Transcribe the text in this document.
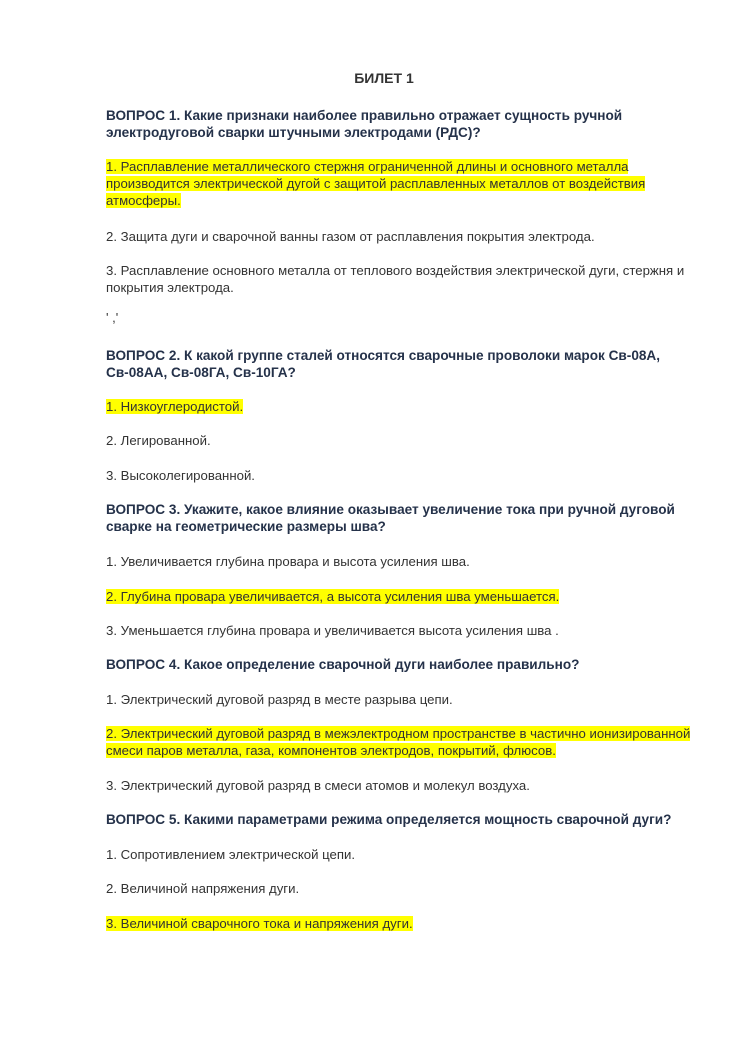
БИЛЕТ 1
ВОПРОС 1. Какие признаки наиболее правильно отражает сущность ручной электродуговой сварки штучными электродами (РДС)?
1. Расплавление металлического стержня ограниченной длины и основного металла производится электрической дугой с защитой расплавленных металлов от воздействия атмосферы.
2. Защита дуги и сварочной ванны газом от расплавления покрытия электрода.
3. Расплавление основного металла от теплового воздействия электрической дуги, стержня и покрытия электрода.
' ,'
ВОПРОС 2. К какой группе сталей относятся сварочные проволоки марок Св-08А, Св-08АА, Св-08ГА, Св-10ГА?
1. Низкоуглеродистой.
2. Легированной.
3. Высоколегированной.
ВОПРОС 3. Укажите, какое влияние оказывает увеличение тока при ручной дуговой сварке на геометрические размеры шва?
1. Увеличивается глубина провара и высота усиления шва.
2. Глубина провара увеличивается, а высота усиления шва уменьшается.
3. Уменьшается глубина провара и увеличивается высота усиления шва .
ВОПРОС 4. Какое определение сварочной дуги наиболее правильно?
1. Электрический дуговой разряд в месте разрыва цепи.
2. Электрический дуговой разряд в межэлектродном пространстве в частично ионизированной смеси паров металла, газа, компонентов электродов, покрытий, флюсов.
3. Электрический дуговой разряд в смеси атомов и молекул воздуха.
ВОПРОС 5. Какими параметрами режима определяется мощность сварочной дуги?
1. Сопротивлением электрической цепи.
2. Величиной напряжения дуги.
3. Величиной сварочного тока и напряжения дуги.
